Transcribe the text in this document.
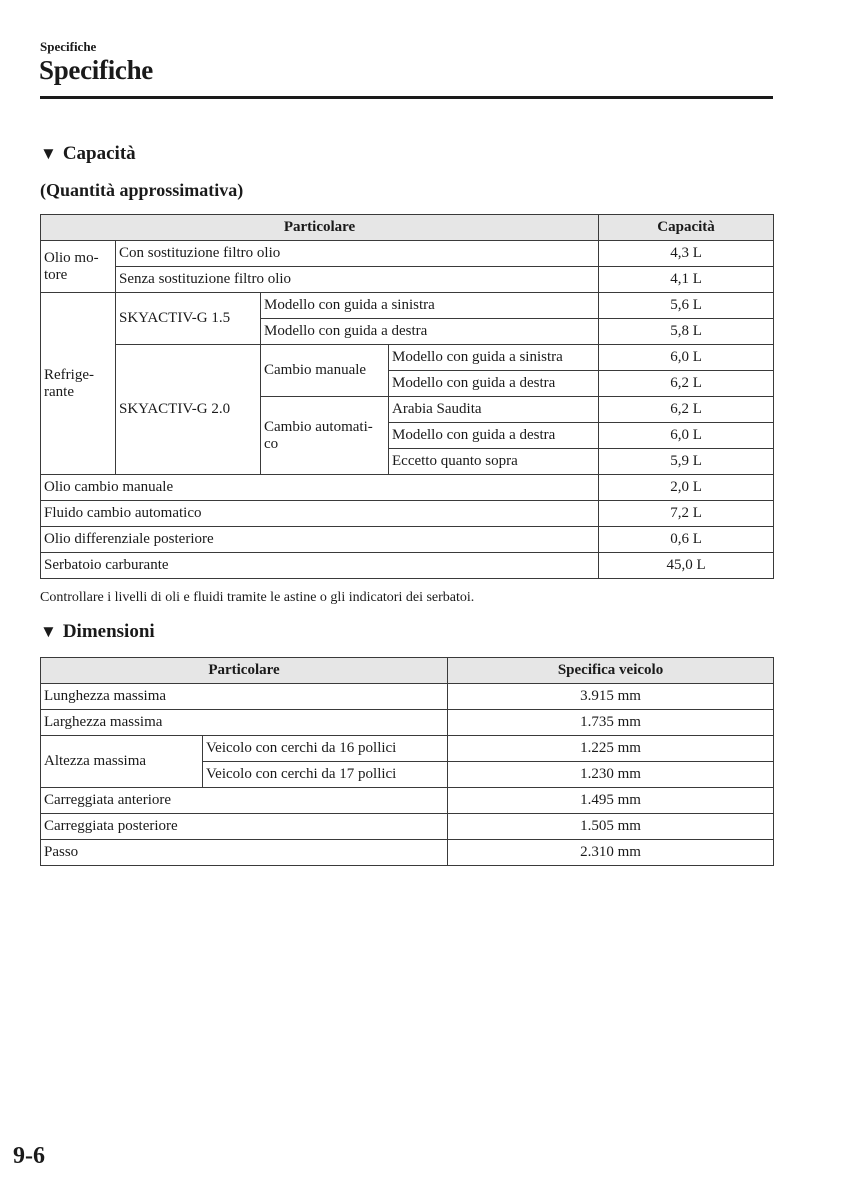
Specifiche
Specifiche
▼ Capacità
(Quantità approssimativa)
Particolare				Capacità
Olio mo-tore	Con sostituzione filtro olio			4,3 L
	Senza sostituzione filtro olio			4,1 L
Refrige-rante	SKYACTIV-G 1.5	Modello con guida a sinistra		5,6 L
		Modello con guida a destra		5,8 L
	SKYACTIV-G 2.0	Cambio manuale	Modello con guida a sinistra	6,0 L
			Modello con guida a destra	6,2 L
		Cambio automati-co	Arabia Saudita	6,2 L
			Modello con guida a destra	6,0 L
			Eccetto quanto sopra	5,9 L
Olio cambio manuale				2,0 L
Fluido cambio automatico				7,2 L
Olio differenziale posteriore				0,6 L
Serbatoio carburante				45,0 L
Controllare i livelli di oli e fluidi tramite le astine o gli indicatori dei serbatoi.
▼ Dimensioni
Particolare		Specifica veicolo
Lunghezza massima		3.915 mm
Larghezza massima		1.735 mm
Altezza massima	Veicolo con cerchi da 16 pollici	1.225 mm
	Veicolo con cerchi da 17 pollici	1.230 mm
Carreggiata anteriore		1.495 mm
Carreggiata posteriore		1.505 mm
Passo		2.310 mm
9-6
